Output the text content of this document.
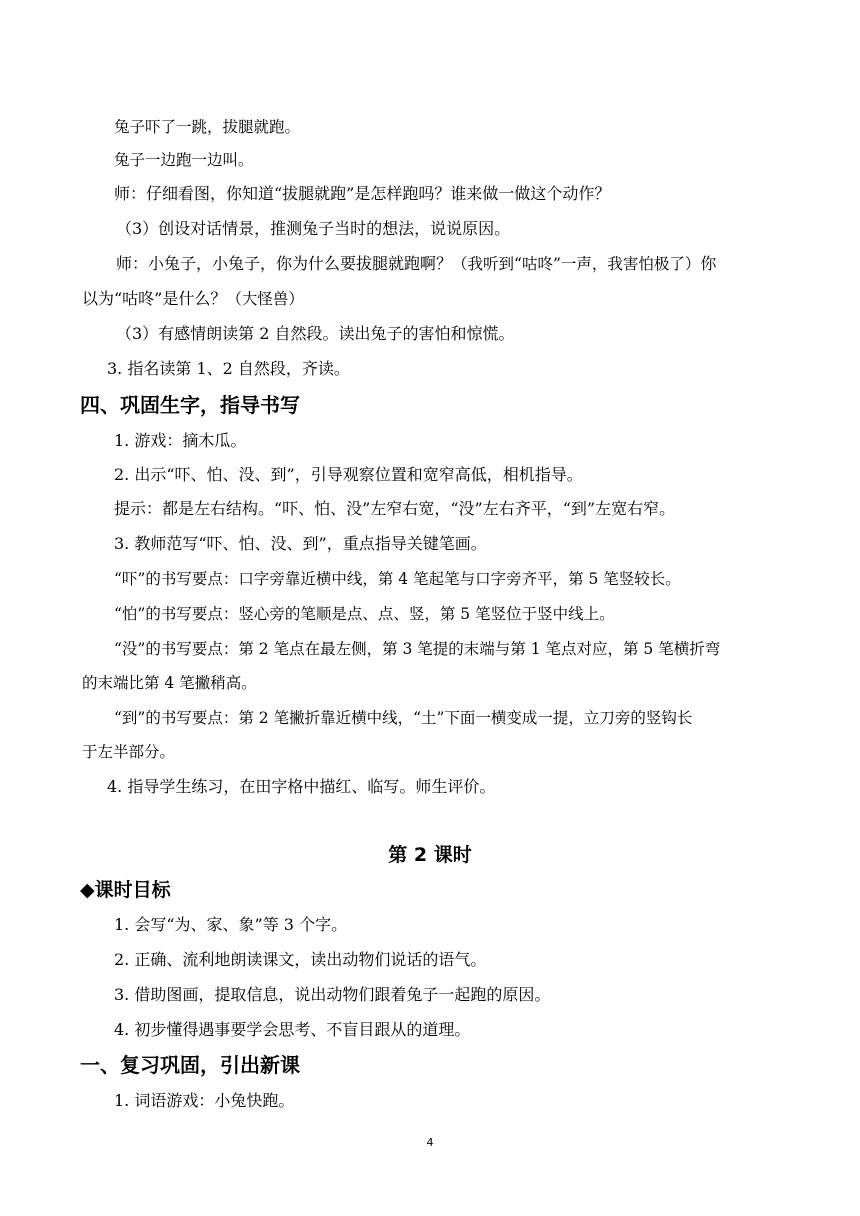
兔子吓了一跳，拔腿就跑。
兔子一边跑一边叫。
师：仔细看图，你知道“拔腿就跑”是怎样跑吗？谁来做一做这个动作？
（3）创设对话情景，推测兔子当时的想法，说说原因。
师：小兔子，小兔子，你为什么要拔腿就跑啊？（我听到“咕咚”一声，我害怕极了）你
以为“咕咚”是什么？（大怪兽）
（3）有感情朗读第 2 自然段。读出兔子的害怕和惊慌。
3. 指名读第 1、2 自然段，齐读。
四、巩固生字，指导书写
1. 游戏：摘木瓜。
2. 出示“吓、怕、没、到”，引导观察位置和宽窄高低，相机指导。
提示：都是左右结构。“吓、怕、没”左窄右宽，“没”左右齐平，“到”左宽右窄。
3. 教师范写“吓、怕、没、到”，重点指导关键笔画。
“吓”的书写要点：口字旁靠近横中线，第 4 笔起笔与口字旁齐平，第 5 笔竖较长。
“怕”的书写要点：竖心旁的笔顺是点、点、竖，第 5 笔竖位于竖中线上。
“没”的书写要点：第 2 笔点在最左侧，第 3 笔提的末端与第 1 笔点对应，第 5 笔横折弯
的末端比第 4 笔撇稍高。
“到”的书写要点：第 2 笔撇折靠近横中线，“土”下面一横变成一提，立刀旁的竖钩长
于左半部分。
4. 指导学生练习，在田字格中描红、临写。师生评价。
第 2 课时
◆课时目标
1. 会写“为、家、象”等 3 个字。
2. 正确、流利地朗读课文，读出动物们说话的语气。
3. 借助图画，提取信息，说出动物们跟着兔子一起跑的原因。
4. 初步懂得遇事要学会思考、不盲目跟从的道理。
一、复习巩固，引出新课
1. 词语游戏：小兔快跑。
4
